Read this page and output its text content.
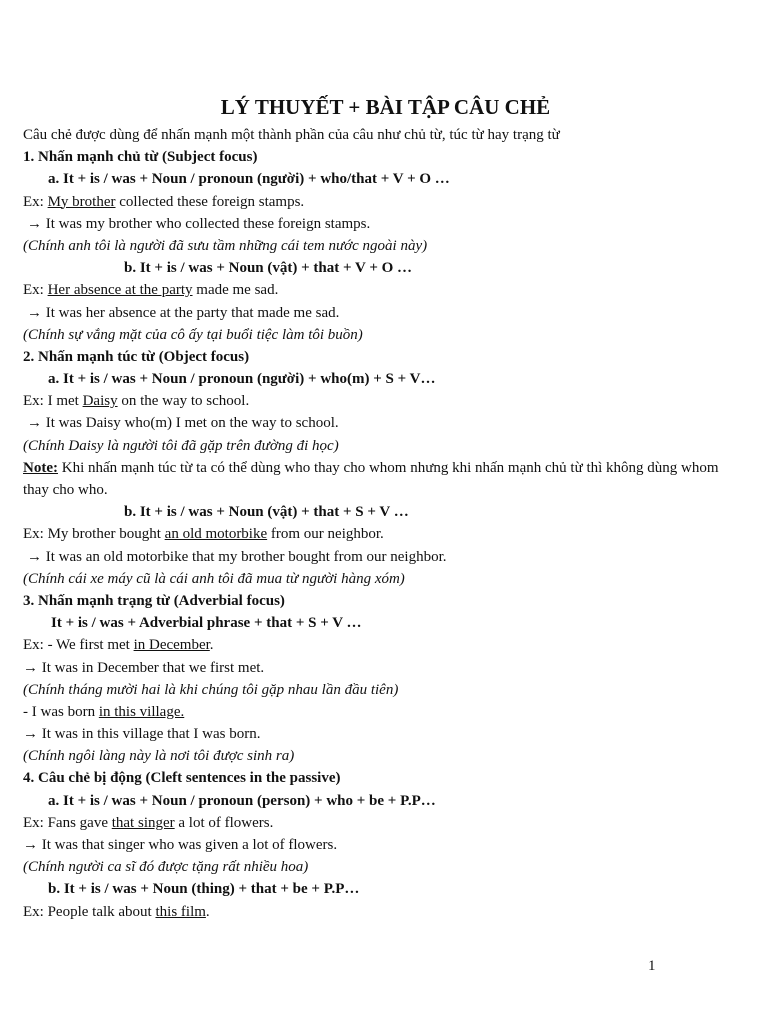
LÝ THUYẾT + BÀI TẬP CÂU CHẺ
Câu chẻ được dùng để nhấn mạnh một thành phần của câu như chủ từ, túc từ hay trạng từ
1. Nhấn mạnh chủ từ (Subject focus)
a. It + is / was + Noun / pronoun (người) + who/that + V + O …
Ex: My brother collected these foreign stamps.
→ It was my brother who collected these foreign stamps.
(Chính anh tôi là người đã sưu tầm những cái tem nước ngoài này)
b. It + is / was + Noun (vật) + that + V + O …
Ex: Her absence at the party made me sad.
→ It was her absence at the party that made me sad.
(Chính sự vắng mặt của cô ấy tại buổi tiệc làm tôi buồn)
2. Nhấn mạnh túc từ (Object focus)
a. It + is / was + Noun / pronoun (người) + who(m) + S + V…
Ex: I met Daisy on the way to school.
→ It was Daisy who(m) I met on the way to school.
(Chính Daisy là người tôi đã gặp trên đường đi học)
Note: Khi nhấn mạnh túc từ ta có thể dùng who thay cho whom nhưng khi nhấn mạnh chủ từ thì không dùng whom thay cho who.
b. It + is / was + Noun (vật) + that + S + V …
Ex: My brother bought an old motorbike from our neighbor.
→ It was an old motorbike that my brother bought from our neighbor.
(Chính cái xe máy cũ là cái anh tôi đã mua từ người hàng xóm)
3. Nhấn mạnh trạng từ (Adverbial focus)
It + is / was + Adverbial phrase + that + S + V …
Ex: - We first met in December.
→ It was in December that we first met.
(Chính tháng mười hai là khi chúng tôi gặp nhau lần đầu tiên)
- I was born in this village.
→ It was in this village that I was born.
(Chính ngôi làng này là nơi tôi được sinh ra)
4. Câu chẻ bị động (Cleft sentences in the passive)
a. It + is / was + Noun / pronoun (person) + who + be + P.P…
Ex: Fans gave that singer a lot of flowers.
→ It was that singer who was given a lot of flowers.
(Chính người ca sĩ đó được tặng rất nhiều hoa)
b. It + is / was + Noun (thing) + that + be + P.P…
Ex: People talk about this film.
1
